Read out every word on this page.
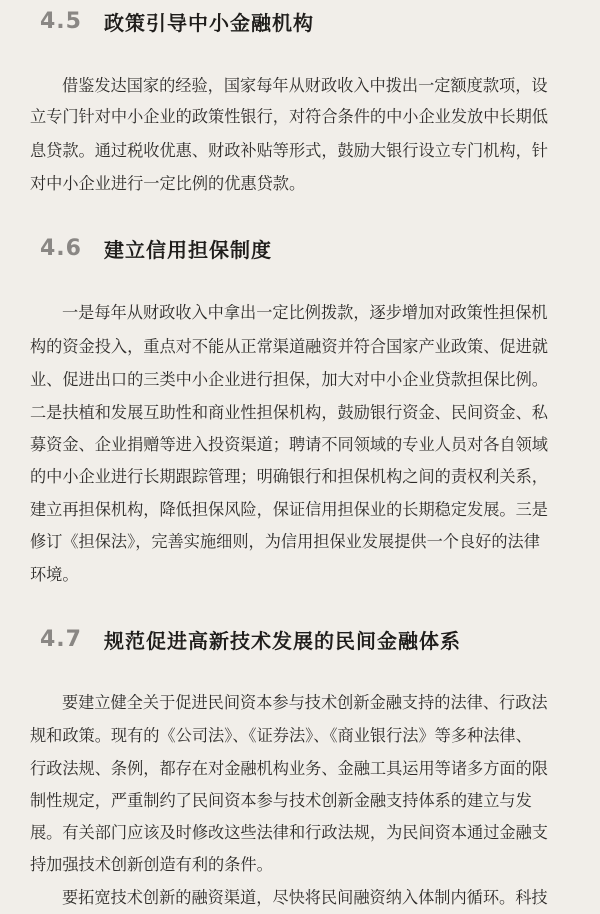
4.5	政策引导中小金融机构
借鉴发达国家的经验，国家每年从财政收入中拨出一定额度款项，设
立专门针对中小企业的政策性银行，对符合条件的中小企业发放中长期低
息贷款。通过税收优惠、财政补贴等形式，鼓励大银行设立专门机构，针
对中小企业进行一定比例的优惠贷款。
4.6	建立信用担保制度
一是每年从财政收入中拿出一定比例拨款，逐步增加对政策性担保机
构的资金投入，重点对不能从正常渠道融资并符合国家产业政策、促进就
业、促进出口的三类中小企业进行担保，加大对中小企业贷款担保比例。
二是扶植和发展互助性和商业性担保机构，鼓励银行资金、民间资金、私
募资金、企业捐赠等进入投资渠道；聘请不同领域的专业人员对各自领域
的中小企业进行长期跟踪管理；明确银行和担保机构之间的责权利关系，
建立再担保机构，降低担保风险，保证信用担保业的长期稳定发展。三是
修订《担保法》，完善实施细则，为信用担保业发展提供一个良好的法律
环境。
4.7	规范促进高新技术发展的民间金融体系
要建立健全关于促进民间资本参与技术创新金融支持的法律、行政法
规和政策。现有的《公司法》、《证券法》、《商业银行法》等多种法律、
行政法规、条例，都存在对金融机构业务、金融工具运用等诸多方面的限
制性规定，严重制约了民间资本参与技术创新金融支持体系的建立与发
展。有关部门应该及时修改这些法律和行政法规，为民间资本通过金融支
持加强技术创新创造有利的条件。
要拓宽技术创新的融资渠道，尽快将民间融资纳入体制内循环。科技
